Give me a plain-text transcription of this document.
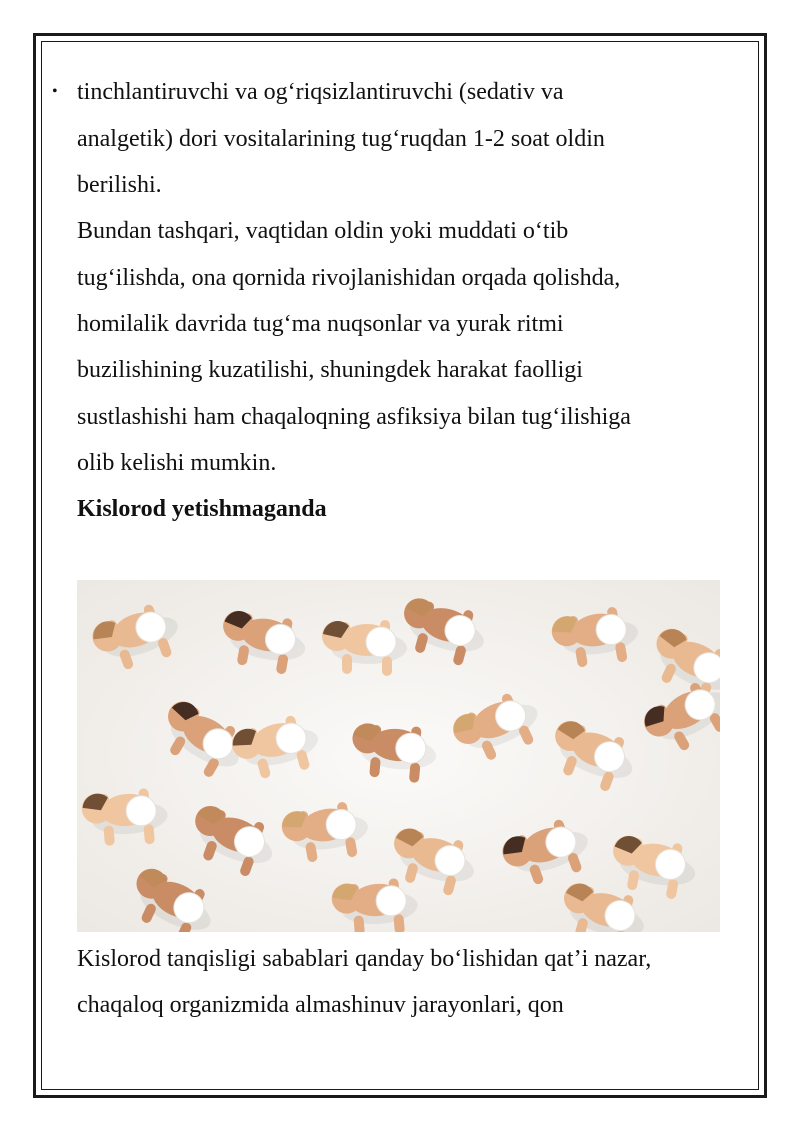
• tinchlantiruvchi va og‘riqsizlantiruvchi (sedativ va
analgetik) dori vositalarining tug‘ruqdan 1-2 soat oldin
berilishi.
Bundan tashqari, vaqtidan oldin yoki muddati o‘tib
tug‘ilishda, ona qornida rivojlanishidan orqada qolishda,
homilalik davrida tug‘ma nuqsonlar va yurak ritmi
buzilishining kuzatilishi, shuningdek harakat faolligi
sustlashishi ham chaqaloqning asfiksiya bilan tug‘ilishiga
olib kelishi mumkin.
Kislorod yetishmaganda
Kislorod tanqisligi sabablari qanday bo‘lishidan qat’i nazar,
chaqaloq organizmida almashinuv jarayonlari, qon
